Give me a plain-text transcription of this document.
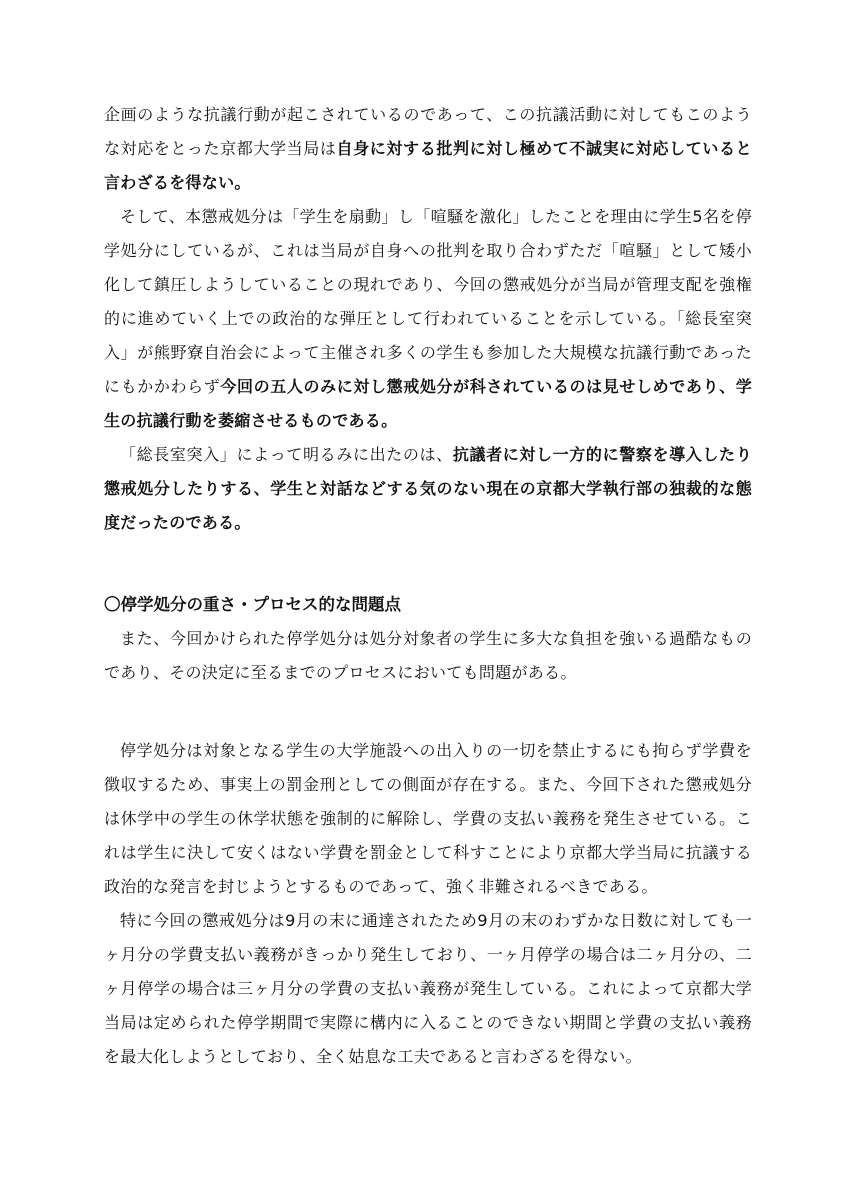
企画のような抗議行動が起こされているのであって、この抗議活動に対してもこのような対応をとった京都大学当局は自身に対する批判に対し極めて不誠実に対応していると言わざるを得ない。

そして、本懲戒処分は「学生を扇動」し「喧騒を激化」したことを理由に学生5名を停学処分にしているが、これは当局が自身への批判を取り合わずただ「喧騒」として矮小化して鎮圧しようしていることの現れであり、今回の懲戒処分が当局が管理支配を強権的に進めていく上での政治的な弾圧として行われていることを示している。「総長室突入」が熊野寮自治会によって主催され多くの学生も参加した大規模な抗議行動であったにもかかわらず今回の五人のみに対し懲戒処分が科されているのは見せしめであり、学生の抗議行動を萎縮させるものである。

「総長室突入」によって明るみに出たのは、抗議者に対し一方的に警察を導入したり懲戒処分したりする、学生と対話などする気のない現在の京都大学執行部の独裁的な態度だったのである。

〇停学処分の重さ・プロセス的な問題点

また、今回かけられた停学処分は処分対象者の学生に多大な負担を強いる過酷なものであり、その決定に至るまでのプロセスにおいても問題がある。

停学処分は対象となる学生の大学施設への出入りの一切を禁止するにも拘らず学費を徴収するため、事実上の罰金刑としての側面が存在する。また、今回下された懲戒処分は休学中の学生の休学状態を強制的に解除し、学費の支払い義務を発生させている。これは学生に決して安くはない学費を罰金として科すことにより京都大学当局に抗議する政治的な発言を封じようとするものであって、強く非難されるべきである。

特に今回の懲戒処分は9月の末に通達されたため9月の末のわずかな日数に対しても一ヶ月分の学費支払い義務がきっかり発生しており、一ヶ月停学の場合は二ヶ月分の、二ヶ月停学の場合は三ヶ月分の学費の支払い義務が発生している。これによって京都大学当局は定められた停学期間で実際に構内に入ることのできない期間と学費の支払い義務を最大化しようとしており、全く姑息な工夫であると言わざるを得ない。
